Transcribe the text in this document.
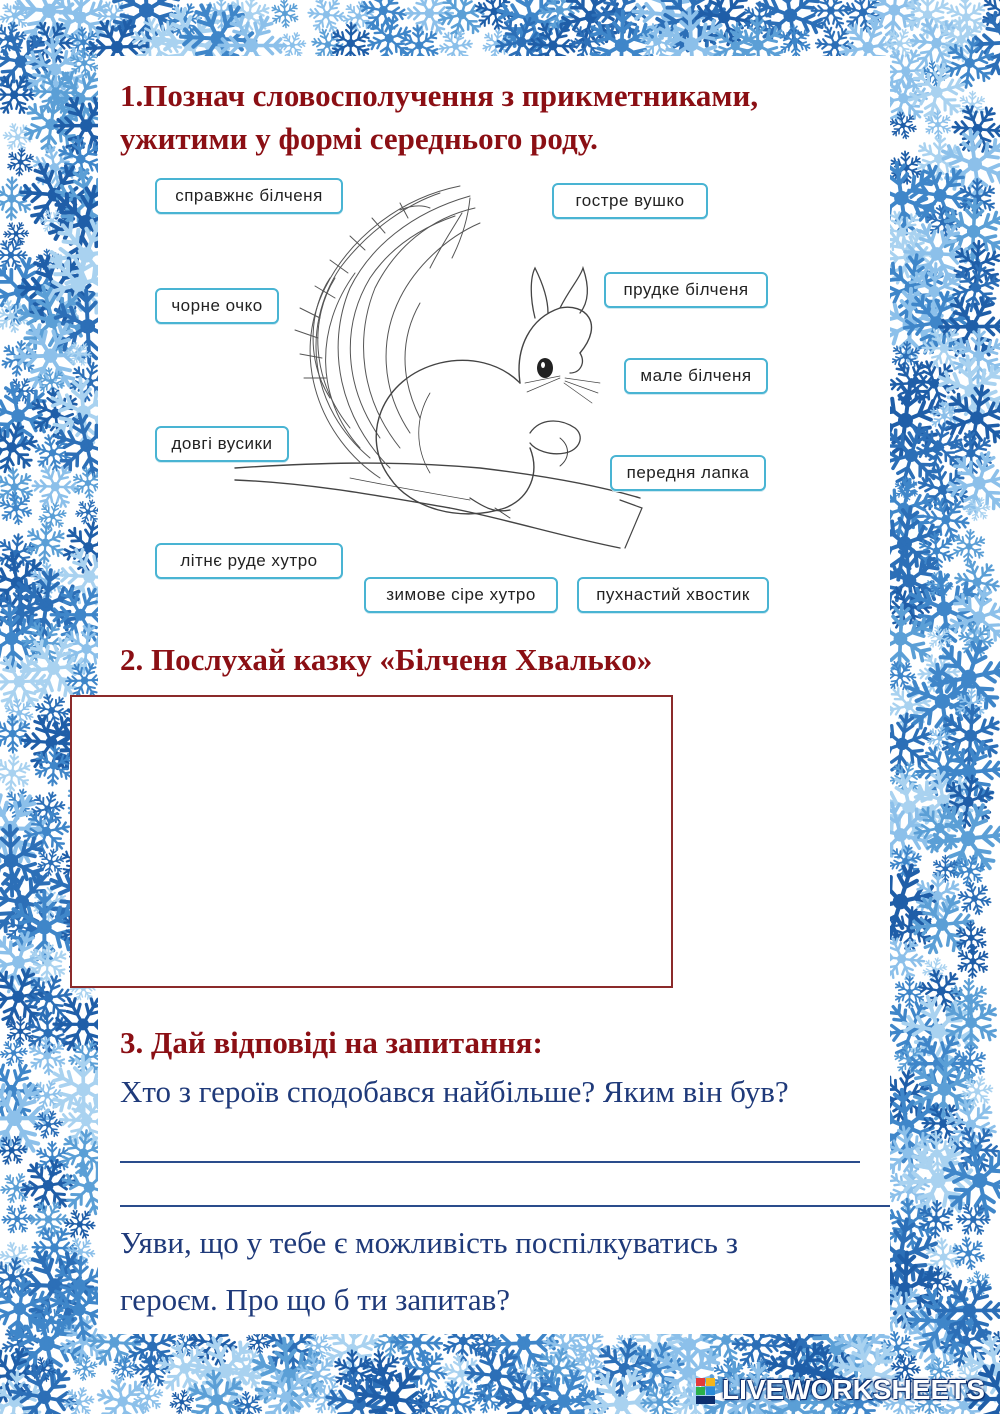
1.Познач словосполучення з прикметниками,
ужитими у формі середнього роду.
справжнє білченя	гостре вушко
чорне очко
прудке білченя
мале білченя
довгі вусики
передня лапка
літнє руде хутро
зимове сіре хутро	пухнастий хвостик
2. Послухай казку «Білченя Хвалько»
3. Дай відповіді на запитання:

Хто з героїв сподобався найбільше? Яким він був?

Уяви, що у тебе є можливість поспілкуватись з

героєм. Про що б ти запитав?

LIVEWORKSHEETS
